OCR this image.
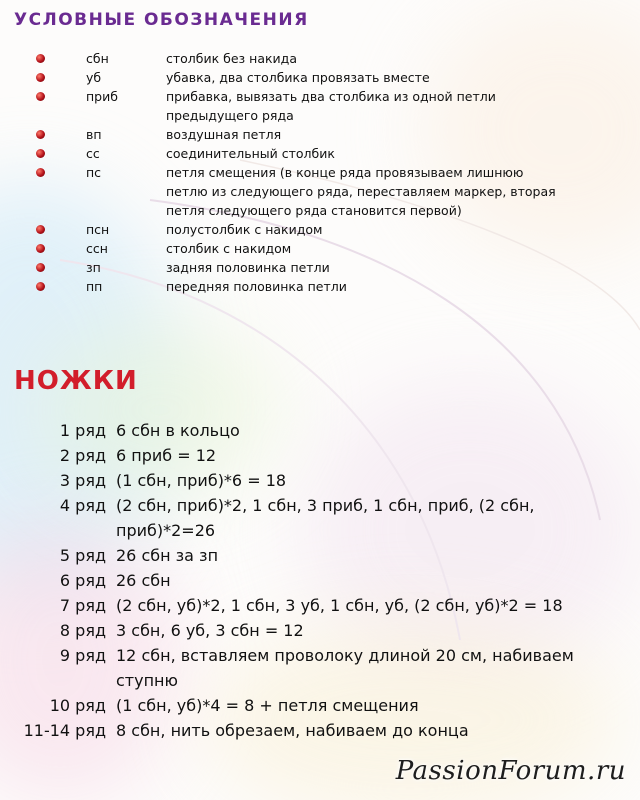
УСЛОВНЫЕ ОБОЗНАЧЕНИЯ
сбн	столбик без накида
уб	убавка, два столбика провязать вместе
приб	прибавка, вывязать два столбика из одной петли
предыдущего ряда
вп	воздушная петля
сс	соединительный столбик
пс	петля смещения (в конце ряда провязываем лишнюю
петлю из следующего ряда, переставляем маркер, вторая
петля следующего ряда становится первой)
псн	полустолбик с накидом
ссн	столбик с накидом
зп	задняя половинка петли
пп	передняя половинка петли
НОЖКИ
1 ряд 6 сбн в кольцо
2 ряд 6 приб = 12
3 ряд (1 сбн, приб)*6 = 18
4 ряд (2 сбн, приб)*2, 1 сбн, 3 приб, 1 сбн, приб, (2 сбн,
приб)*2=26
5 ряд 26 сбн за зп
6 ряд 26 сбн
7 ряд (2 сбн, уб)*2, 1 сбн, 3 уб, 1 сбн, уб, (2 сбн, уб)*2 = 18
8 ряд 3 сбн, 6 уб, 3 сбн = 12
9 ряд 12 сбн, вставляем проволоку длиной 20 см, набиваем
ступню
10 ряд (1 сбн, уб)*4 = 8 + петля смещения
11-14 ряд 8 сбн, нить обрезаем, набиваем до конца
PassionForum.ru
